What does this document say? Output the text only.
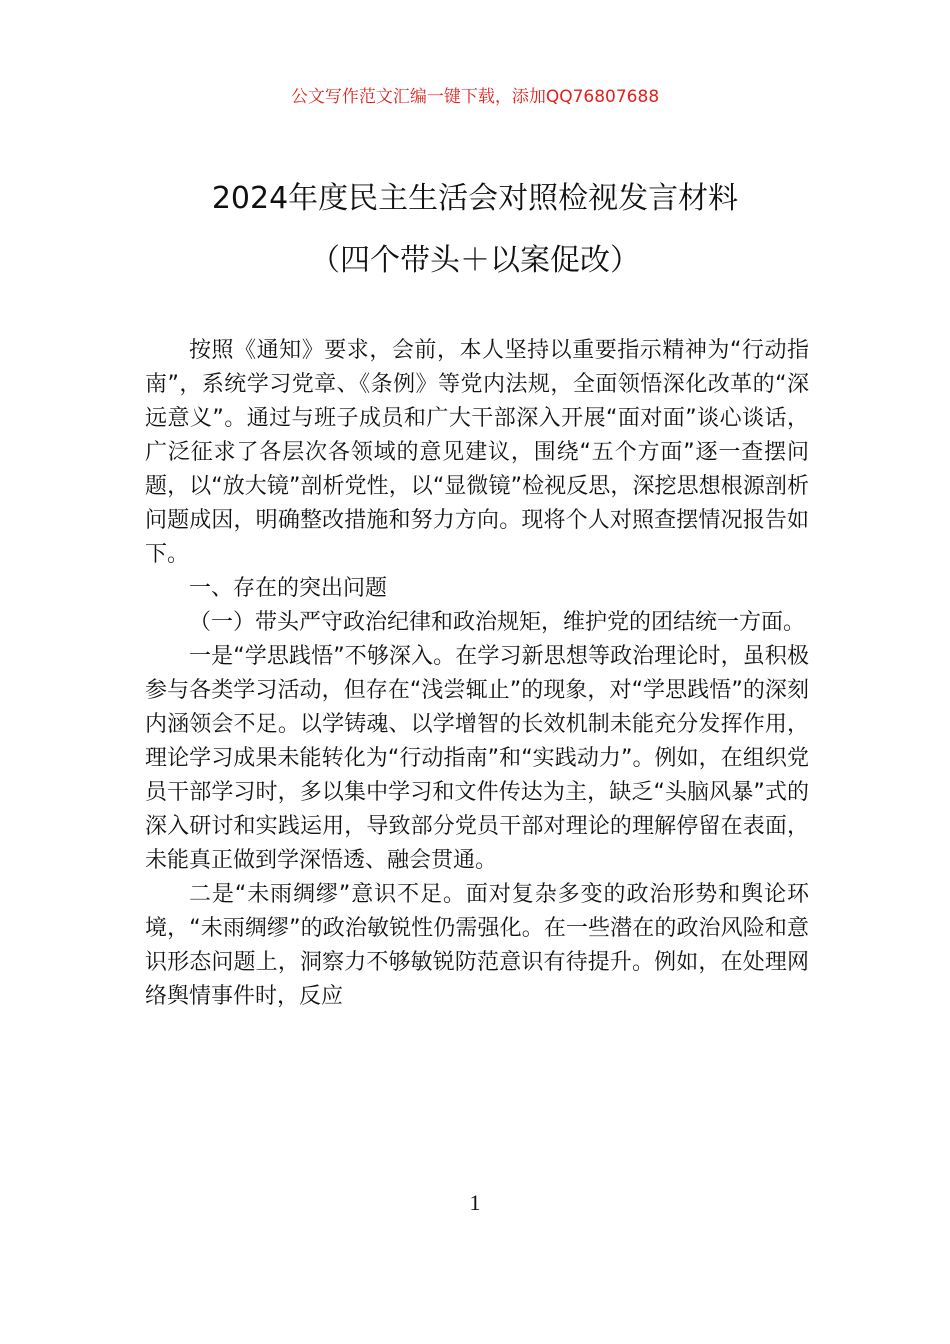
公文写作范文汇编一键下载，添加QQ76807688
2024年度民主生活会对照检视发言材料
（四个带头＋以案促改）

按照《通知》要求，会前，本人坚持以重要指示精神为“行动指南”，系统学习党章、《条例》等党内法规，全面领悟深化改革的“深远意义”。通过与班子成员和广大干部深入开展“面对面”谈心谈话，广泛征求了各层次各领域的意见建议，围绕“五个方面”逐一查摆问题，以“放大镜”剖析党性，以“显微镜”检视反思，深挖思想根源剖析问题成因，明确整改措施和努力方向。现将个人对照查摆情况报告如下。

一、存在的突出问题

（一）带头严守政治纪律和政治规矩，维护党的团结统一方面。

一是“学思践悟”不够深入。在学习新思想等政治理论时，虽积极参与各类学习活动，但存在“浅尝辄止”的现象，对“学思践悟”的深刻内涵领会不足。以学铸魂、以学增智的长效机制未能充分发挥作用，理论学习成果未能转化为“行动指南”和“实践动力”。例如，在组织党员干部学习时，多以集中学习和文件传达为主，缺乏“头脑风暴”式的深入研讨和实践运用，导致部分党员干部对理论的理解停留在表面，未能真正做到学深悟透、融会贯通。

二是“未雨绸缪”意识不足。面对复杂多变的政治形势和舆论环境，“未雨绸缪”的政治敏锐性仍需强化。在一些潜在的政治风险和意识形态问题上，洞察力不够敏锐防范意识有待提升。例如，在处理网络舆情事件时，反应

1
